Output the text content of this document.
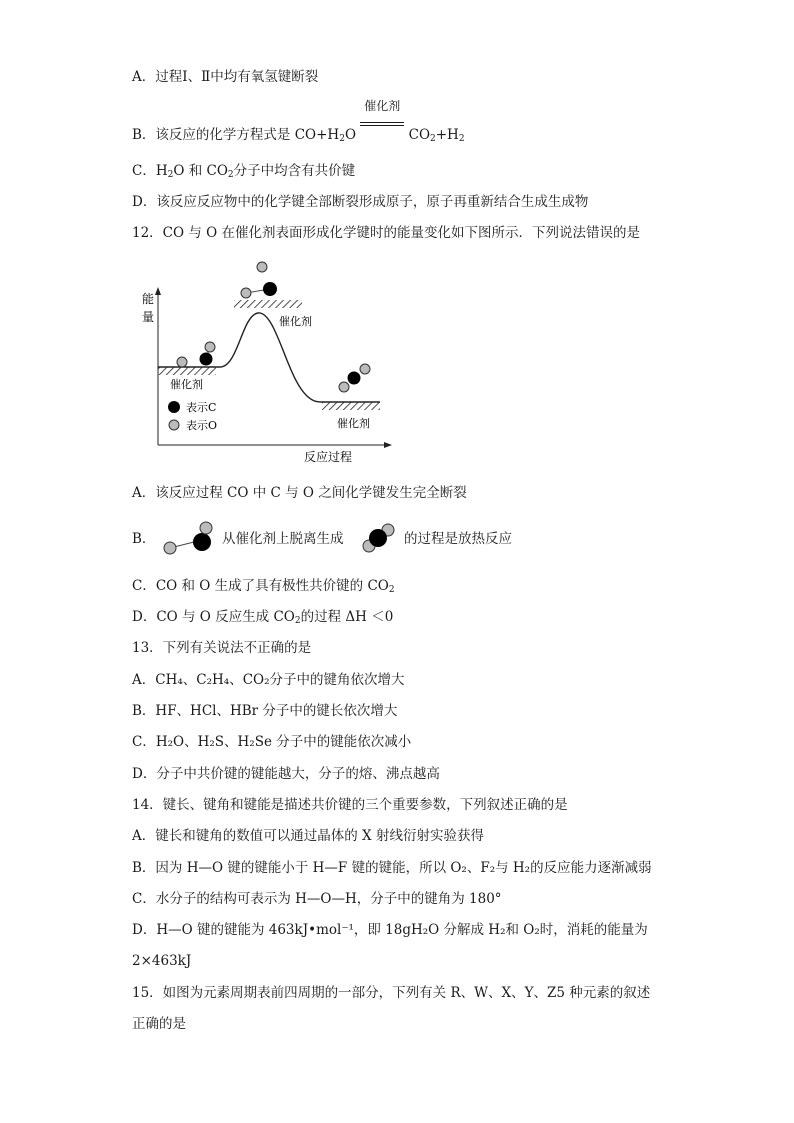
A．过程Ⅰ、Ⅱ中均有氧氢键断裂
B．该反应的化学方程式是 $CO+H_2O$
催化剂
$CO_2+H_2$
C．$H_2O$ 和 $CO_2$分子中均含有共价键
D．该反应反应物中的化学键全部断裂形成原子，原子再重新结合生成生成物
12．CO 与 O 在催化剂表面形成化学键时的能量变化如下图所示．下列说法错误的是
能
量
反应过程
催化剂
催化剂
催化剂
表示C
表示O
A．该反应过程 CO 中 C 与 O 之间化学键发生完全断裂
B．	从催化剂上脱离生成	的过程是放热反应
C．CO 和 O 生成了具有极性共价键的 $CO_2$
D．CO 与 O 反应生成 $CO_2$的过程 ΔH ＜0
13．下列有关说法不正确的是
A．CH₄、C₂H₄、CO₂分子中的键角依次增大
B．HF、HCl、HBr 分子中的键长依次增大
C．H₂O、H₂S、H₂Se 分子中的键能依次减小
D．分子中共价键的键能越大，分子的熔、沸点越高
14．键长、键角和键能是描述共价键的三个重要参数，下列叙述正确的是
A．键长和键角的数值可以通过晶体的 X 射线衍射实验获得
B．因为 H—O 键的键能小于 H—F 键的键能，所以 O₂、F₂与 H₂的反应能力逐渐减弱
C．水分子的结构可表示为 H—O—H，分子中的键角为 180°
D．H—O 键的键能为 463kJ•mol⁻¹，即 18gH₂O 分解成 H₂和 O₂时，消耗的能量为
2×463kJ
15．如图为元素周期表前四周期的一部分，下列有关 R、W、X、Y、Z5 种元素的叙述
正确的是
